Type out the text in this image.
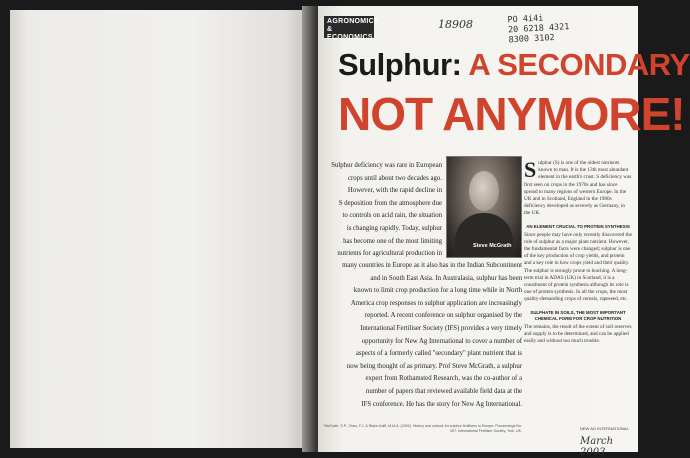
AGRONOMICS
& ECONOMICS
18908	PO 4i4i
20 6218 4321
8300 3102
Sulphur: A SECONDARY
NOT ANYMORE!
Sulphur deficiency was rare in European
crops until about two decades ago.
However, with the rapid decline in
S deposition from the atmosphere due
to controls on acid rain, the situation
is changing rapidly. Today, sulphur
has become one of the most limiting
nutrients for agricultural production in
Steve McGrath
many countries in Europe as it also has in the Indian Subcontinent
and in South East Asia. In Australasia, sulphur has been
known to limit crop production for a long time while in North
America crop responses to sulphur application are increasingly
reported. A recent conference on sulphur organised by the
International Fertiliser Society (IFS) provides a very timely
opportunity for New Ag International to cover a number of
aspects of a formerly called "secondary" plant nutrient that is
now being thought of as primary. Prof Steve McGrath, a sulphur
expert from Rothamsted Research, was the co-author of a
number of papers that reviewed available field data at the
IFS conference. He has the story for New Ag International.

S ulphur (S) is one of the oldest nutrients known to man. It is the 13th most abundant element in the earth's crust. S deficiency was first seen on crops in the 1970s and has since spread to many regions of western Europe. In the UK and in Scotland, England in the 1980s deficiency developed as severely as Germany, in the UK.

AN ELEMENT CRUCIAL TO PROTEIN SYNTHESIS

Since people may have only recently discovered the role of sulphur as a major plant nutrient. However, the fundamental facts were changed; sulphur is one of the key production of crop yields, and protein and a key role in how crops yield and their quality. The sulphur is strongly prone to leaching. A long-term trial in ADAS (UK) in Scotland, it is a constituent of protein synthesis although its role is one of protein synthesis. In all the crops, the most quality-demanding crops of cereals, rapeseed, etc.

SULPHATE IN SOILS, THE MOST IMPORTANT CHEMICAL FORM FOR CROP NUTRITION

The remains, the result of the extent of soil reserves and supply is to be determined, and can be applied easily and without too much trouble.

*McGrath, S.P., Zhao, F.J. & Blake-Kalff, M.M.A. (2002). History and outlook for sulphur fertilisers in Europe. Proceedings No. 497, International Fertiliser Society, York, UK.	NEW AG INTERNATIONAL
March 2003
